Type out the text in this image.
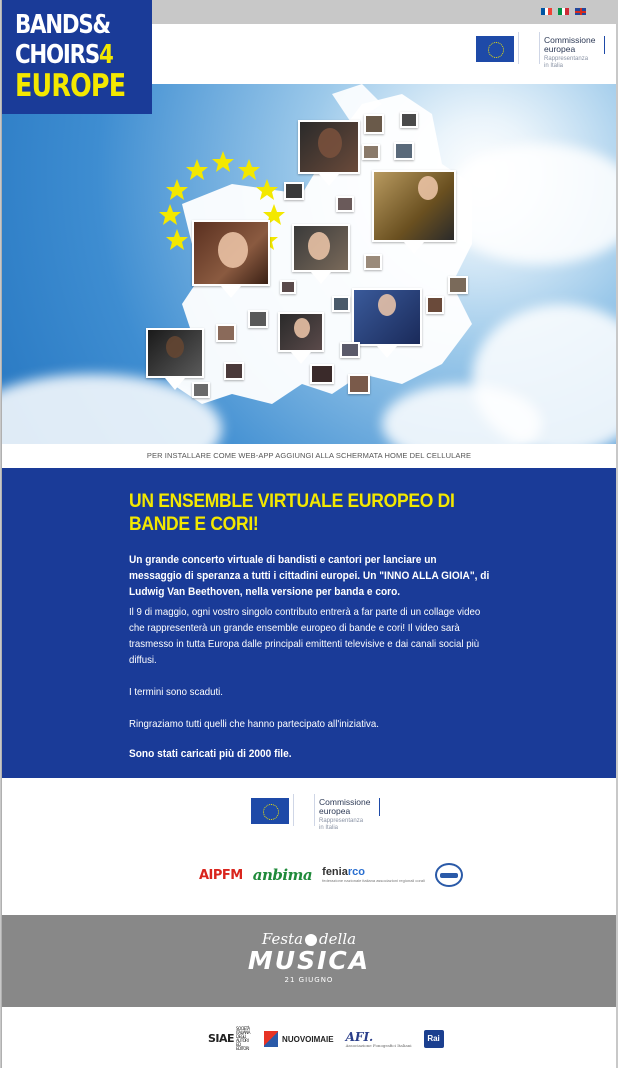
BANDS&
CHOIRS4
EUROPE
Commissione
europea
Rappresentanza
in Italia
PER INSTALLARE COME WEB-APP AGGIUNGI ALLA SCHERMATA HOME DEL CELLULARE
UN ENSEMBLE VIRTUALE EUROPEO DI BANDE E CORI!
Un grande concerto virtuale di bandisti e cantori per lanciare un messaggio di speranza a tutti i cittadini europei. Un "INNO ALLA GIOIA", di Ludwig Van Beethoven, nella versione per banda e coro.
Il 9 di maggio, ogni vostro singolo contributo entrerà a far parte di un collage video che rappresenterà un grande ensemble europeo di bande e cori! Il video sarà trasmesso in tutta Europa dalle principali emittenti televisive e dai canali social più diffusi.
I termini sono scaduti.
Ringraziamo tutti quelli che hanno partecipato all'iniziativa.
Sono stati caricati più di 2000 file.
Commissione
europea
Rappresentanza
in Italia
AIPFM anbima feniarco
federazione nazionale italiana associazioni regionali corali
Festa della
MUSICA
21 GIUGNO
SIAESOCIETÀ ITALIANA DEGLI AUTORI ED EDITORI
NUOVOIMAIE AFI.
Associazione Fonografici Italiani
Rai
